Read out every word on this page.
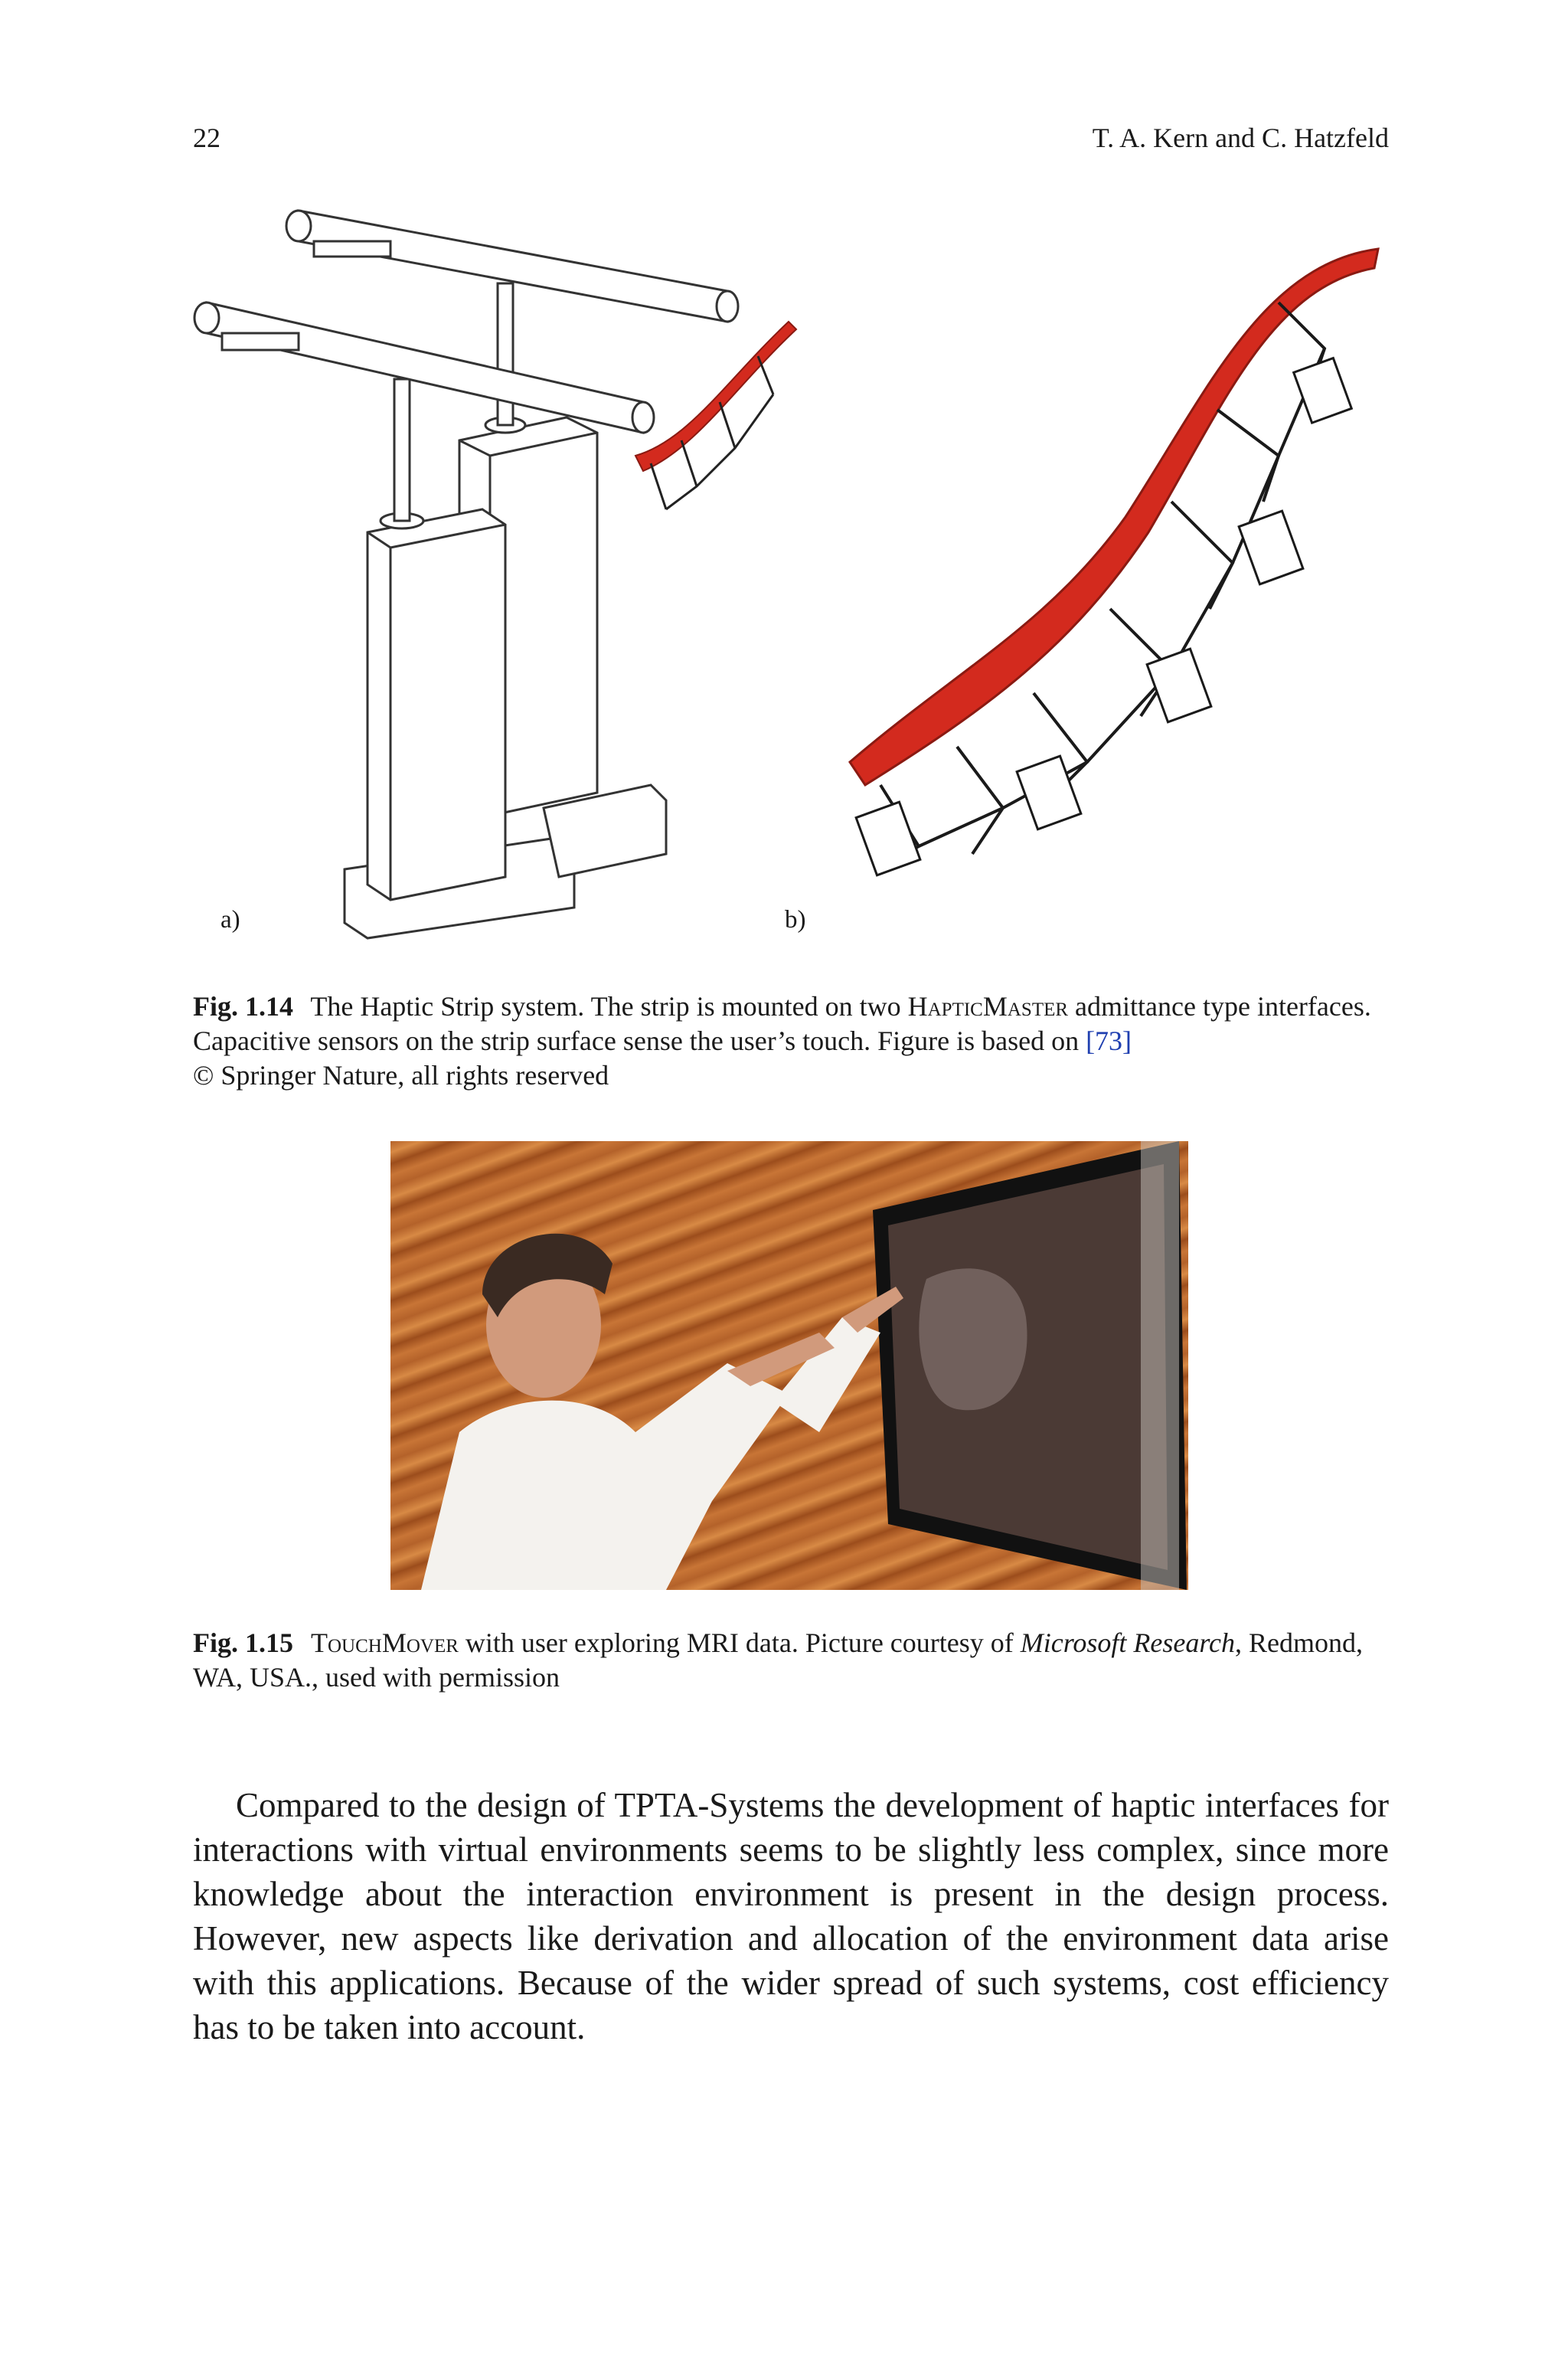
22	T. A. Kern and C. Hatzfeld
a)	b)
Fig. 1.14 The Haptic Strip system. The strip is mounted on two HapticMaster admittance type interfaces. Capacitive sensors on the strip surface sense the user’s touch. Figure is based on [73]
© Springer Nature, all rights reserved
Fig. 1.15 TouchMover with user exploring MRI data. Picture courtesy of Microsoft Research, Redmond, WA, USA., used with permission
Compared to the design of TPTA-Systems the development of haptic interfaces for interactions with virtual environments seems to be slightly less complex, since more knowledge about the interaction environment is present in the design process. However, new aspects like derivation and allocation of the environment data arise with this applications. Because of the wider spread of such systems, cost efficiency has to be taken into account.
